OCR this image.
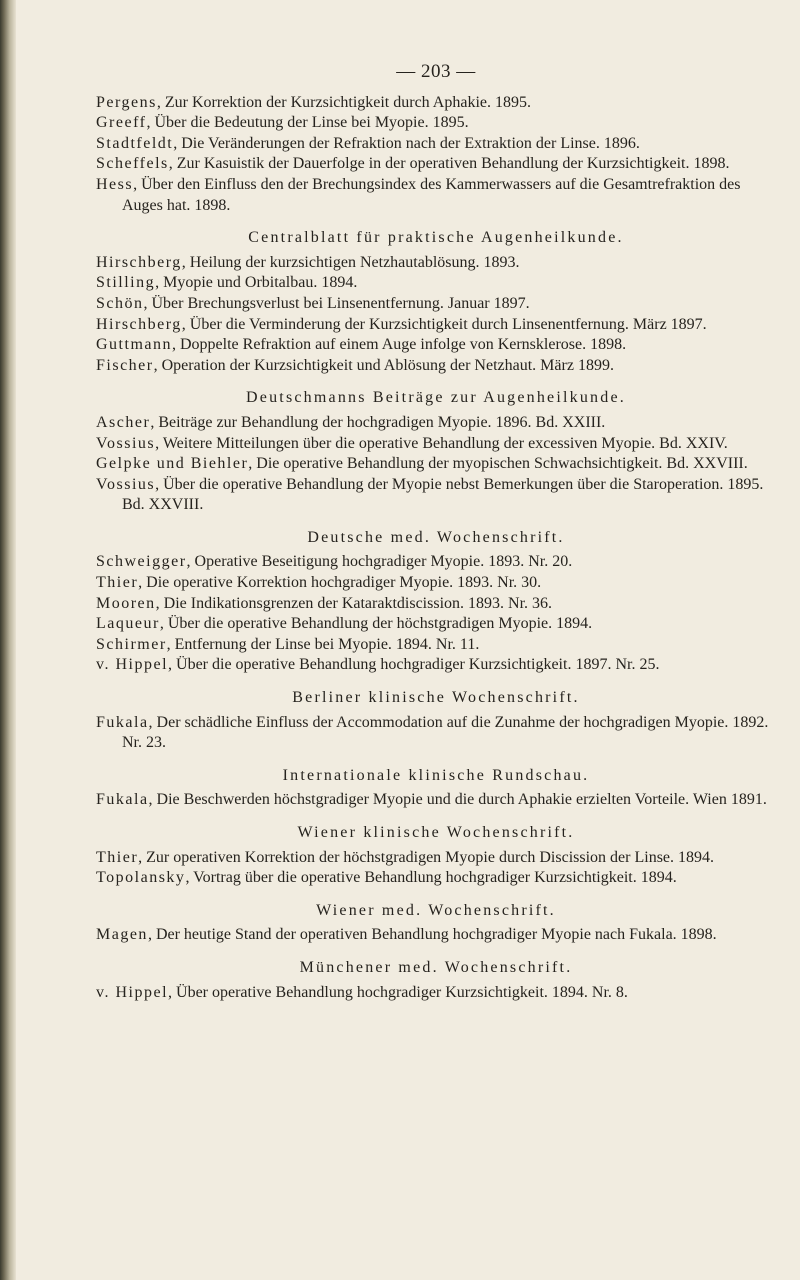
— 203 —

Pergens, Zur Korrektion der Kurzsichtigkeit durch Aphakie. 1895.

Greeff, Über die Bedeutung der Linse bei Myopie. 1895.

Stadtfeldt, Die Veränderungen der Refraktion nach der Extraktion der Linse. 1896.

Scheffels, Zur Kasuistik der Dauerfolge in der operativen Behandlung der Kurzsichtigkeit. 1898.

Hess, Über den Einfluss den der Brechungsindex des Kammerwassers auf die Gesamtrefraktion des Auges hat. 1898.

Centralblatt für praktische Augenheilkunde.

Hirschberg, Heilung der kurzsichtigen Netzhautablösung. 1893.

Stilling, Myopie und Orbitalbau. 1894.

Schön, Über Brechungsverlust bei Linsenentfernung. Januar 1897.

Hirschberg, Über die Verminderung der Kurzsichtigkeit durch Linsenentfernung. März 1897.

Guttmann, Doppelte Refraktion auf einem Auge infolge von Kernsklerose. 1898.

Fischer, Operation der Kurzsichtigkeit und Ablösung der Netzhaut. März 1899.

Deutschmanns Beiträge zur Augenheilkunde.

Ascher, Beiträge zur Behandlung der hochgradigen Myopie. 1896. Bd. XXIII.

Vossius, Weitere Mitteilungen über die operative Behandlung der excessiven Myopie. Bd. XXIV.

Gelpke und Biehler, Die operative Behandlung der myopischen Schwachsichtigkeit. Bd. XXVIII.

Vossius, Über die operative Behandlung der Myopie nebst Bemerkungen über die Staroperation. 1895. Bd. XXVIII.

Deutsche med. Wochenschrift.

Schweigger, Operative Beseitigung hochgradiger Myopie. 1893. Nr. 20.

Thier, Die operative Korrektion hochgradiger Myopie. 1893. Nr. 30.

Mooren, Die Indikationsgrenzen der Kataraktdiscission. 1893. Nr. 36.

Laqueur, Über die operative Behandlung der höchstgradigen Myopie. 1894.

Schirmer, Entfernung der Linse bei Myopie. 1894. Nr. 11.

v. Hippel, Über die operative Behandlung hochgradiger Kurzsichtigkeit. 1897. Nr. 25.

Berliner klinische Wochenschrift.

Fukala, Der schädliche Einfluss der Accommodation auf die Zunahme der hochgradigen Myopie. 1892. Nr. 23.

Internationale klinische Rundschau.

Fukala, Die Beschwerden höchstgradiger Myopie und die durch Aphakie erzielten Vorteile. Wien 1891.

Wiener klinische Wochenschrift.

Thier, Zur operativen Korrektion der höchstgradigen Myopie durch Discission der Linse. 1894.

Topolansky, Vortrag über die operative Behandlung hochgradiger Kurzsichtigkeit. 1894.

Wiener med. Wochenschrift.

Magen, Der heutige Stand der operativen Behandlung hochgradiger Myopie nach Fukala. 1898.

Münchener med. Wochenschrift.

v. Hippel, Über operative Behandlung hochgradiger Kurzsichtigkeit. 1894. Nr. 8.
